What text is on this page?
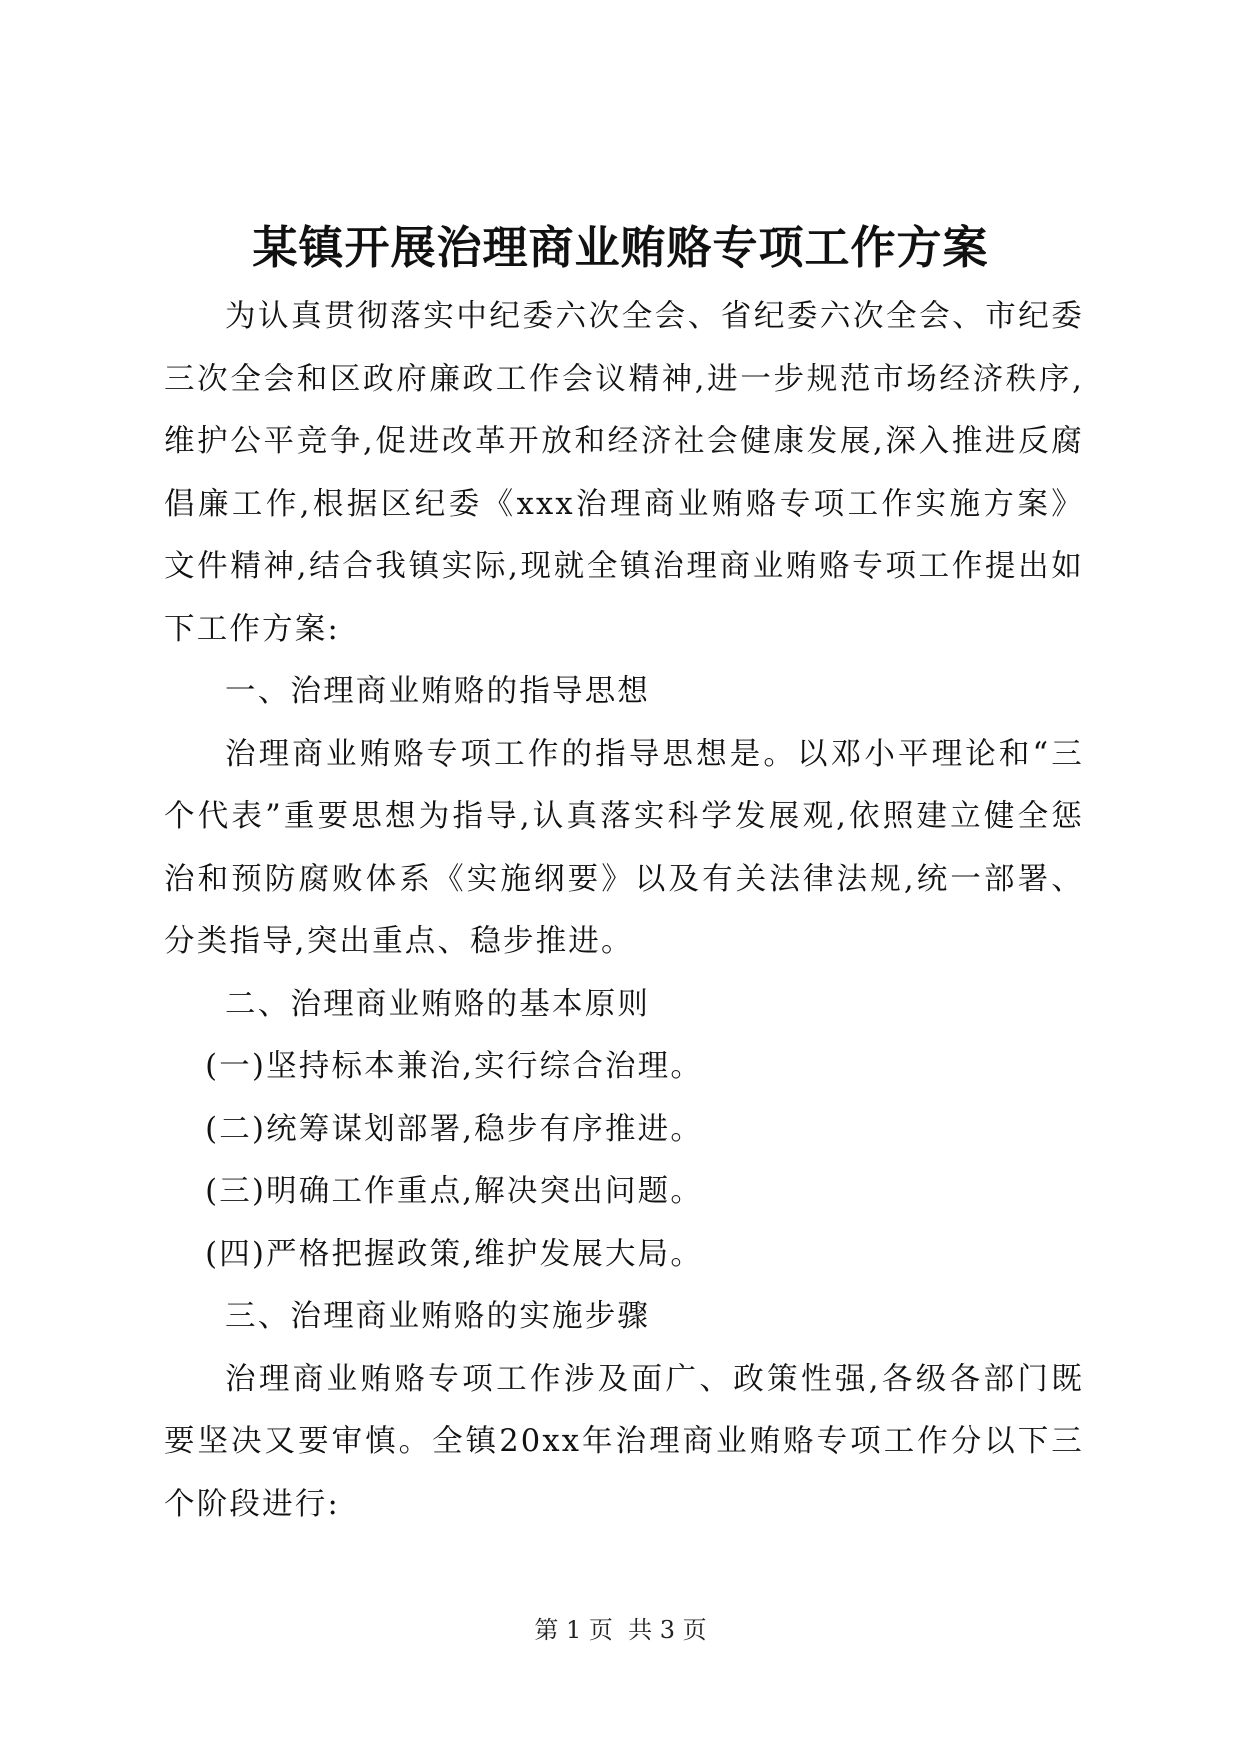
某镇开展治理商业贿赂专项工作方案

为认真贯彻落实中纪委六次全会、省纪委六次全会、市纪委三次全会和区政府廉政工作会议精神,进一步规范市场经济秩序,维护公平竞争,促进改革开放和经济社会健康发展,深入推进反腐倡廉工作,根据区纪委《xxx治理商业贿赂专项工作实施方案》文件精神,结合我镇实际,现就全镇治理商业贿赂专项工作提出如下工作方案:

一、治理商业贿赂的指导思想

治理商业贿赂专项工作的指导思想是。以邓小平理论和“三个代表”重要思想为指导,认真落实科学发展观,依照建立健全惩治和预防腐败体系《实施纲要》以及有关法律法规,统一部署、分类指导,突出重点、稳步推进。

二、治理商业贿赂的基本原则

(一)坚持标本兼治,实行综合治理。

(二)统筹谋划部署,稳步有序推进。

(三)明确工作重点,解决突出问题。

(四)严格把握政策,维护发展大局。

三、治理商业贿赂的实施步骤

治理商业贿赂专项工作涉及面广、政策性强,各级各部门既要坚决又要审慎。全镇20xx年治理商业贿赂专项工作分以下三个阶段进行:

第 1 页  共 3 页
